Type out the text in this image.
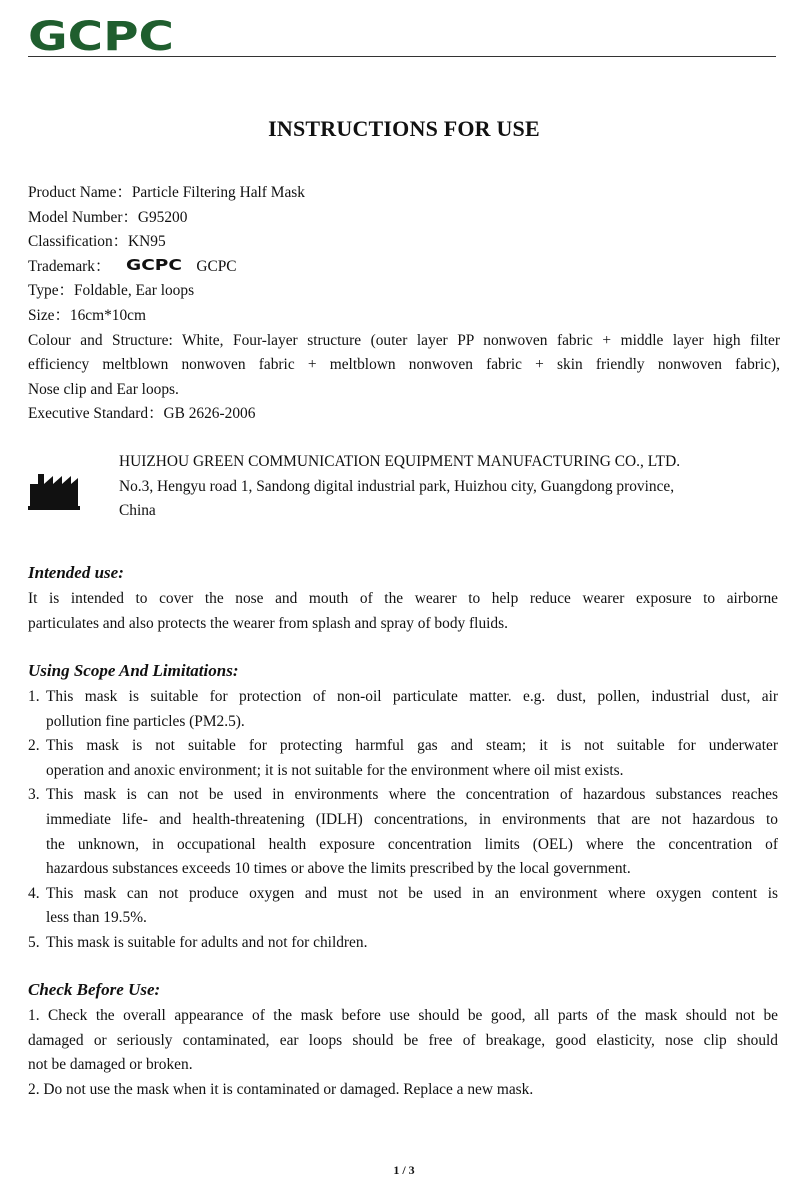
GCPC
INSTRUCTIONS FOR USE
Product Name：Particle Filtering Half Mask
Model Number：G95200
Classification：KN95
Trademark： GCPC GCPC
Type：Foldable, Ear loops
Size：16cm*10cm
Colour and Structure: White, Four-layer structure (outer layer PP nonwoven fabric + middle layer high filter
efficiency meltblown nonwoven fabric + meltblown nonwoven fabric + skin friendly nonwoven fabric),
Nose clip and Ear loops.
Executive Standard：GB 2626-2006
HUIZHOU GREEN COMMUNICATION EQUIPMENT MANUFACTURING CO., LTD.
No.3, Hengyu road 1, Sandong digital industrial park, Huizhou city, Guangdong province,
China
Intended use:
It is intended to cover the nose and mouth of the wearer to help reduce wearer exposure to airborne
particulates and also protects the wearer from splash and spray of body fluids.
Using Scope And Limitations:
1. This mask is suitable for protection of non-oil particulate matter. e.g. dust, pollen, industrial dust, air
pollution fine particles (PM2.5).
2. This mask is not suitable for protecting harmful gas and steam; it is not suitable for underwater
operation and anoxic environment; it is not suitable for the environment where oil mist exists.
3. This mask is can not be used in environments where the concentration of hazardous substances reaches
immediate life- and health-threatening (IDLH) concentrations, in environments that are not hazardous to
the unknown, in occupational health exposure concentration limits (OEL) where the concentration of
hazardous substances exceeds 10 times or above the limits prescribed by the local government.
4. This mask can not produce oxygen and must not be used in an environment where oxygen content is
less than 19.5%.
5. This mask is suitable for adults and not for children.
Check Before Use:
1. Check the overall appearance of the mask before use should be good, all parts of the mask should not be
damaged or seriously contaminated, ear loops should be free of breakage, good elasticity, nose clip should
not be damaged or broken.
2. Do not use the mask when it is contaminated or damaged. Replace a new mask.
1 / 3
